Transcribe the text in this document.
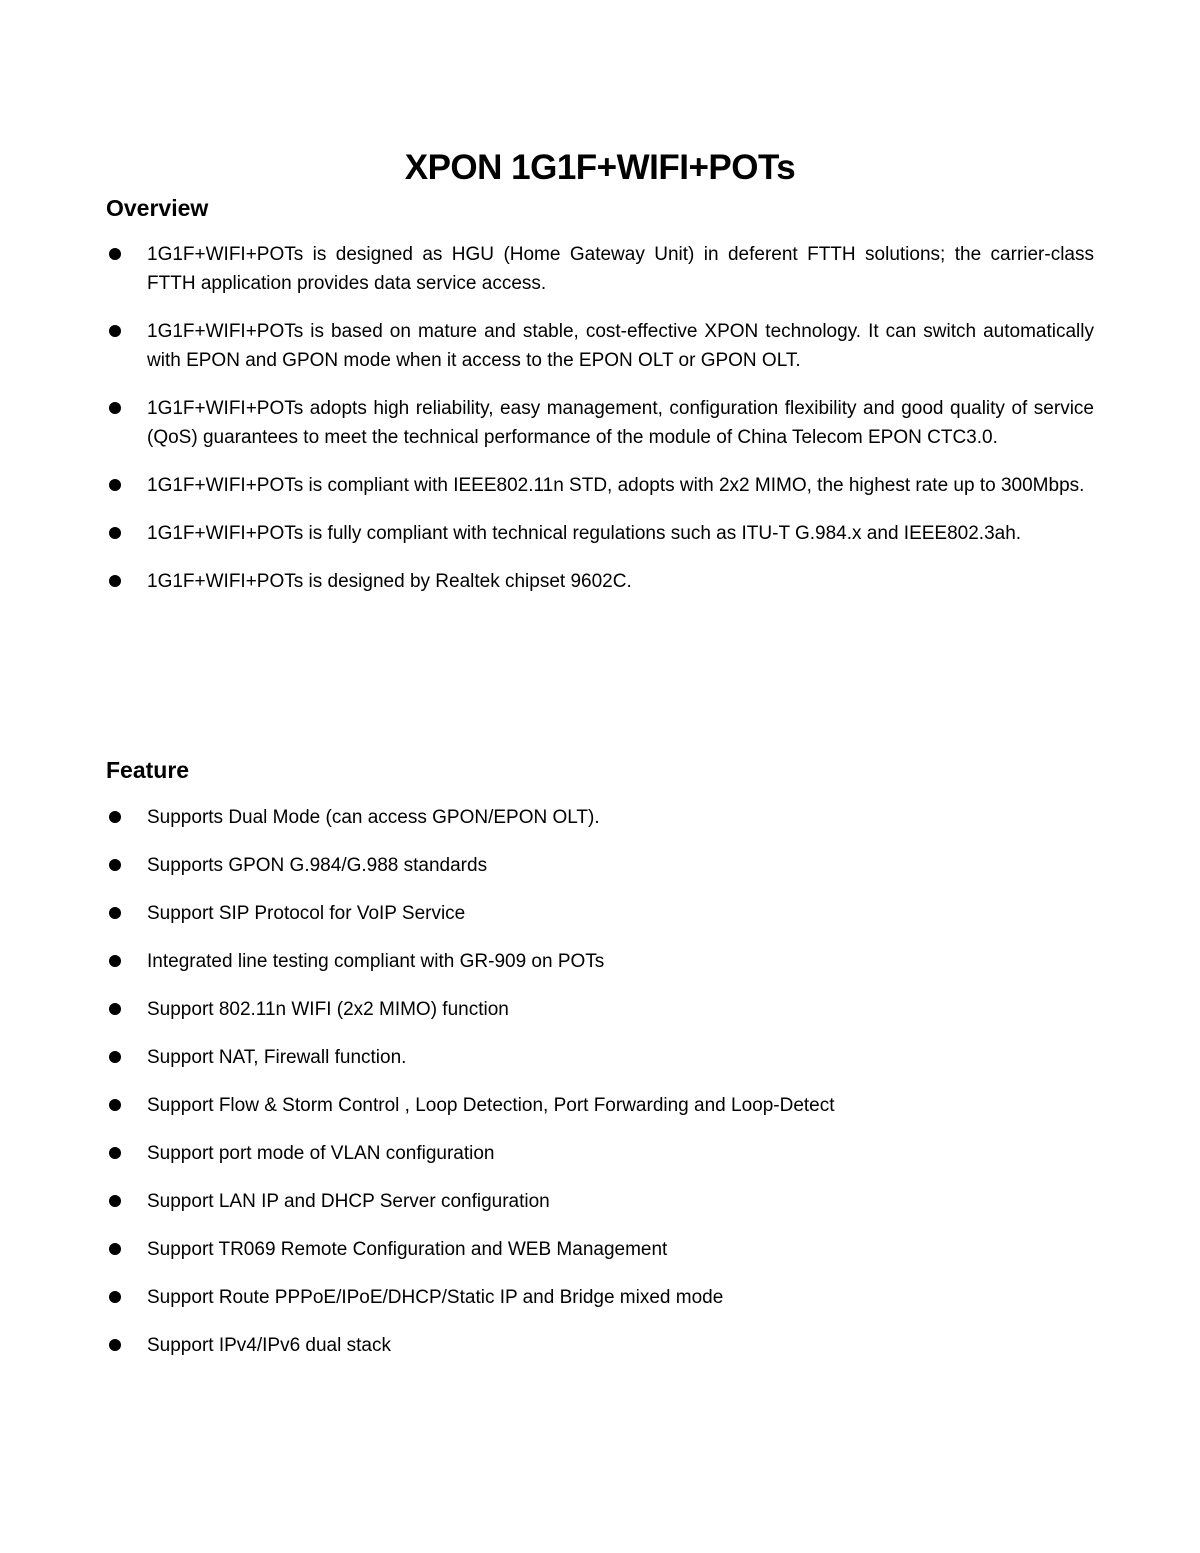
XPON 1G1F+WIFI+POTs
Overview
1G1F+WIFI+POTs is designed as HGU (Home Gateway Unit) in deferent FTTH solutions; the carrier-class FTTH application provides data service access.
1G1F+WIFI+POTs is based on mature and stable, cost-effective XPON technology. It can switch automatically with EPON and GPON mode when it access to the EPON OLT or GPON OLT.
1G1F+WIFI+POTs adopts high reliability, easy management, configuration flexibility and good quality of service (QoS) guarantees to meet the technical performance of the module of China Telecom EPON CTC3.0.
1G1F+WIFI+POTs is compliant with IEEE802.11n STD, adopts with 2x2 MIMO, the highest rate up to 300Mbps.
1G1F+WIFI+POTs is fully compliant with technical regulations such as ITU-T G.984.x and IEEE802.3ah.
1G1F+WIFI+POTs is designed by Realtek chipset 9602C.
Feature
Supports Dual Mode (can access GPON/EPON OLT).
Supports GPON G.984/G.988 standards
Support SIP Protocol for VoIP Service
Integrated line testing compliant with GR-909 on POTs
Support 802.11n WIFI (2x2 MIMO) function
Support NAT, Firewall function.
Support Flow & Storm Control , Loop Detection, Port Forwarding and Loop-Detect
Support port mode of VLAN configuration
Support LAN IP and DHCP Server configuration
Support TR069 Remote Configuration and WEB Management
Support Route PPPoE/IPoE/DHCP/Static IP and Bridge mixed mode
Support IPv4/IPv6 dual stack
